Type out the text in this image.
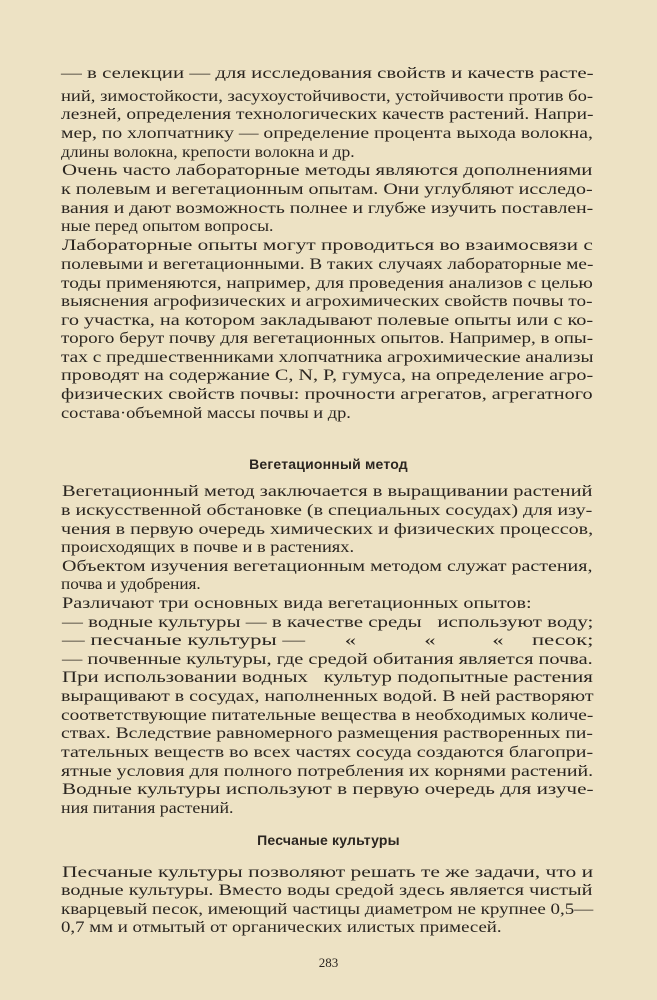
— в селекции — для исследования свойств и качеств расте-
ний, зимостойкости, засухоустойчивости, устойчивости против бо-
лезней, определения технологических качеств растений. Напри-
мер, по хлопчатнику — определение процента выхода волокна,
длины волокна, крепости волокна и др.
Очень часто лабораторные методы являются дополнениями
к полевым и вегетационным опытам. Они углубляют исследо-
вания и дают возможность полнее и глубже изучить поставлен-
ные перед опытом вопросы.
Лабораторные опыты могут проводиться во взаимосвязи с
полевыми и вегетационными. В таких случаях лабораторные ме-
тоды применяются, например, для проведения анализов с целью
выяснения агрофизических и агрохимических свойств почвы то-
го участка, на котором закладывают полевые опыты или с ко-
торого берут почву для вегетационных опытов. Например, в опы-
тах с предшественниками хлопчатника агрохимические анализы
проводят на содержание C, N, P, гумуса, на определение агро-
физических свойств почвы: прочности агрегатов, агрегатного
состава·объемной массы почвы и др.
Вегетационный метод
Вегетационный метод заключается в выращивании растений
в искусственной обстановке (в специальных сосудах) для изу-
чения в первую очередь химических и физических процессов,
происходящих в почве и в растениях.
Объектом изучения вегетационным методом служат растения,
почва и удобрения.
Различают три основных вида вегетационных опытов:
— водные культуры — в качестве среды   используют воду;
— песчаные культуры —       «            «          «     песок;
— почвенные культуры, где средой обитания является почва.
При использовании водных   культур подопытные растения
выращивают в сосудах, наполненных водой. В ней растворяют
соответствующие питательные вещества в необходимых количе-
ствах. Вследствие равномерного размещения растворенных пи-
тательных веществ во всех частях сосуда создаются благопри-
ятные условия для полного потребления их корнями растений.
Водные культуры используют в первую очередь для изуче-
ния питания растений.
Песчаные культуры
Песчаные культуры позволяют решать те же задачи, что и
водные культуры. Вместо воды средой здесь является чистый
кварцевый песок, имеющий частицы диаметром не крупнее 0,5—
0,7 мм и отмытый от органических илистых примесей.
283
